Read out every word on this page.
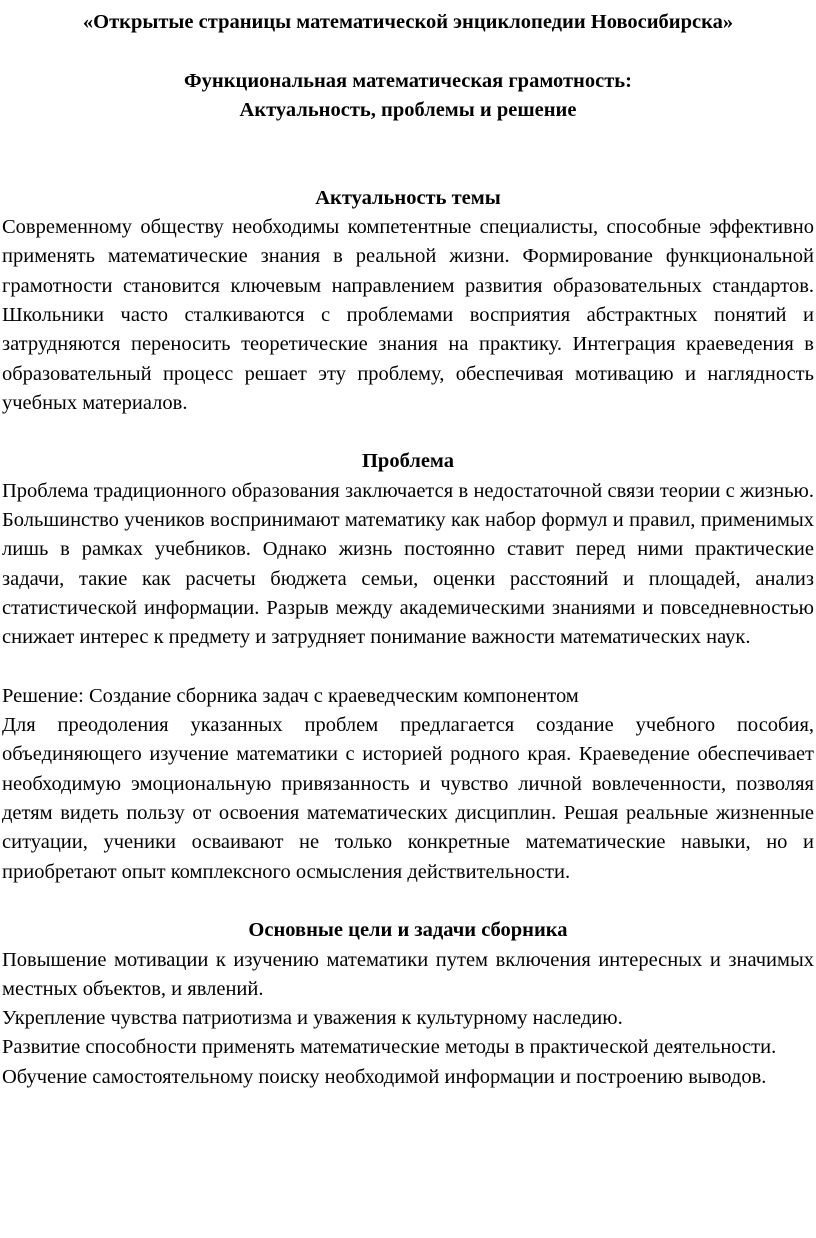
«Открытые страницы математической энциклопедии Новосибирска»

Функциональная математическая грамотность:

Актуальность, проблемы и решение

Актуальность темы

Современному обществу необходимы компетентные специалисты, способные эффективно применять математические знания в реальной жизни. Формирование функциональной грамотности становится ключевым направлением развития образовательных стандартов. Школьники часто сталкиваются с проблемами восприятия абстрактных понятий и затрудняются переносить теоретические знания на практику. Интеграция краеведения в образовательный процесс решает эту проблему, обеспечивая мотивацию и наглядность учебных материалов.

Проблема

Проблема традиционного образования заключается в недостаточной связи теории с жизнью. Большинство учеников воспринимают математику как набор формул и правил, применимых лишь в рамках учебников. Однако жизнь постоянно ставит перед ними практические задачи, такие как расчеты бюджета семьи, оценки расстояний и площадей, анализ статистической информации. Разрыв между академическими знаниями и повседневностью снижает интерес к предмету и затрудняет понимание важности математических наук.

Решение: Создание сборника задач с краеведческим компонентом

Для преодоления указанных проблем предлагается создание учебного пособия, объединяющего изучение математики с историей родного края. Краеведение обеспечивает необходимую эмоциональную привязанность и чувство личной вовлеченности, позволяя детям видеть пользу от освоения математических дисциплин. Решая реальные жизненные ситуации, ученики осваивают не только конкретные математические навыки, но и приобретают опыт комплексного осмысления действительности.

Основные цели и задачи сборника

Повышение мотивации к изучению математики путем включения интересных и значимых местных объектов, и явлений.

Укрепление чувства патриотизма и уважения к культурному наследию.

Развитие способности применять математические методы в практической деятельности.

Обучение самостоятельному поиску необходимой информации и построению выводов.
